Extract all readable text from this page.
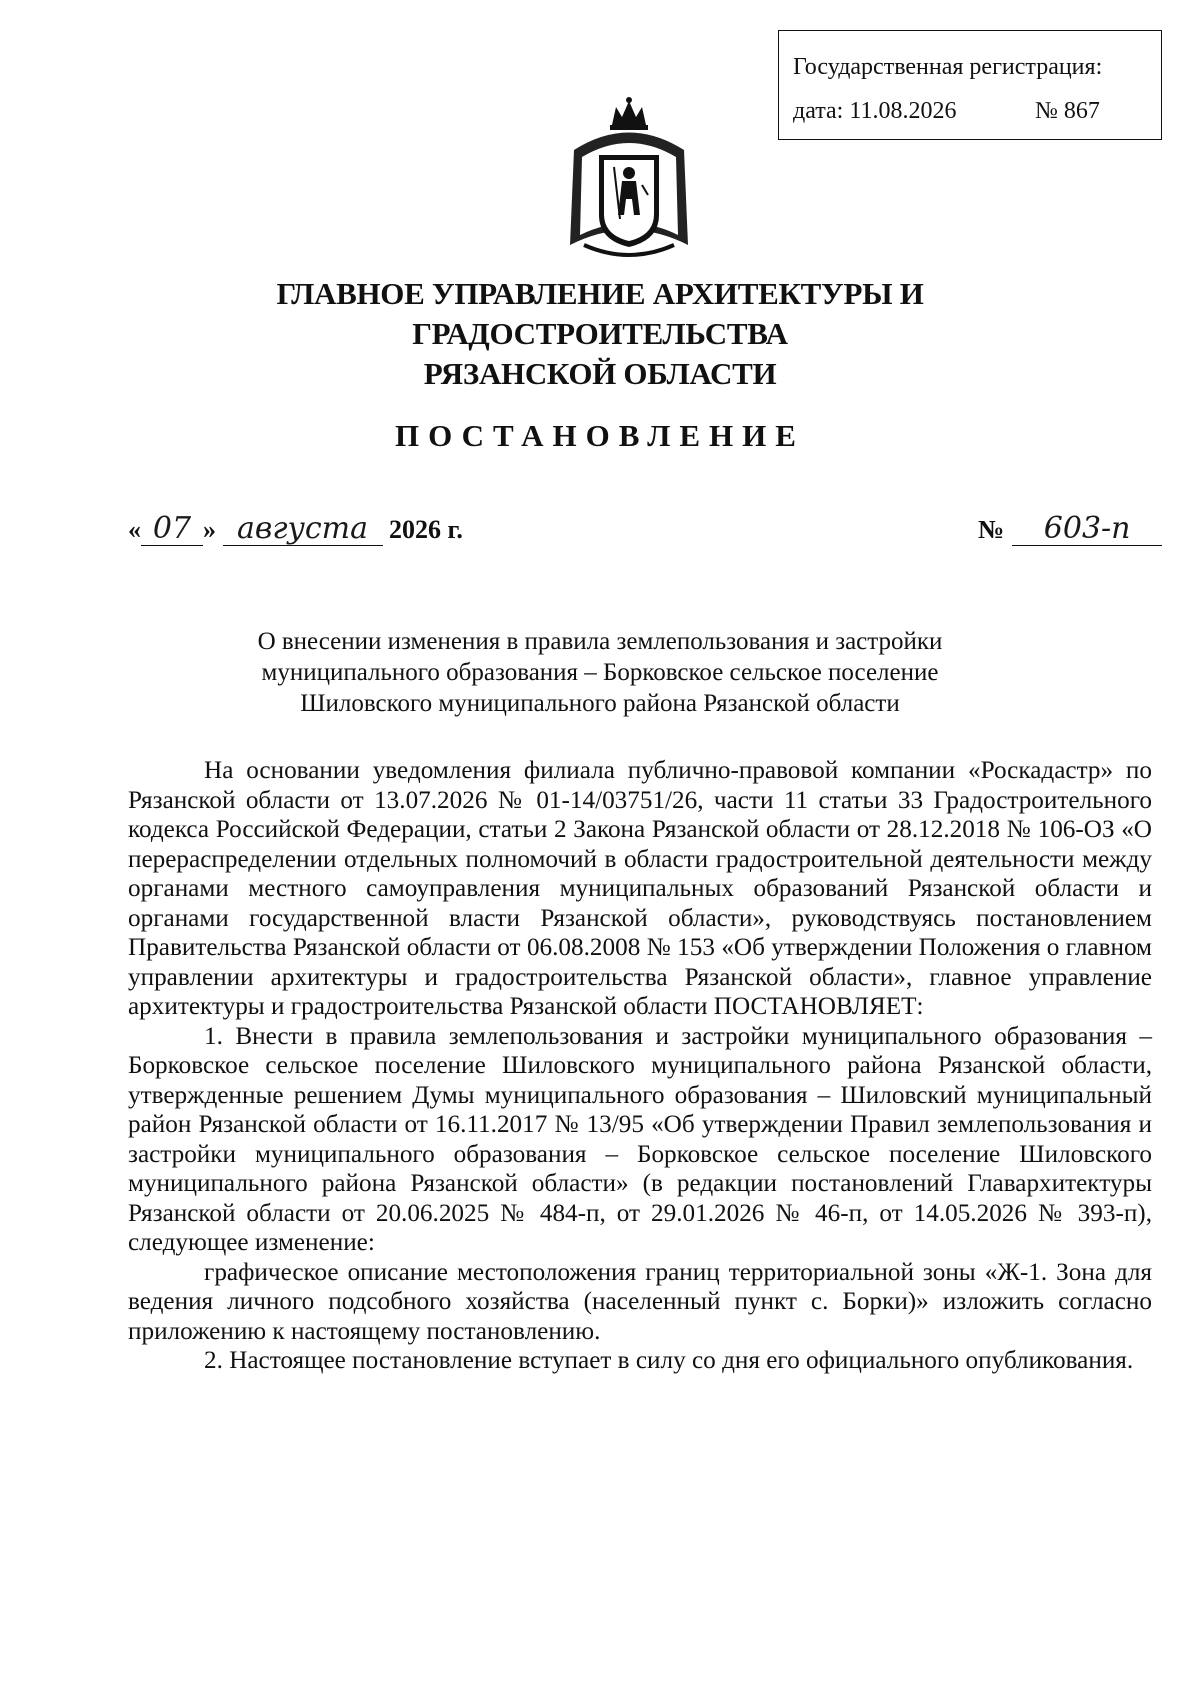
Государственная регистрация:
дата: 11.08.2026	№ 867
ГЛАВНОЕ УПРАВЛЕНИЕ АРХИТЕКТУРЫ И ГРАДОСТРОИТЕЛЬСТВА
РЯЗАНСКОЙ ОБЛАСТИ
ПОСТАНОВЛЕНИЕ
« 07 » августа 2026 г.	№ 603-п
О внесении изменения в правила землепользования и застройки
муниципального образования – Борковское сельское поселение
Шиловского муниципального района Рязанской области

На основании уведомления филиала публично-правовой компании «Роскадастр» по Рязанской области от 13.07.2026 № 01-14/03751/26, части 11 статьи 33 Градостроительного кодекса Российской Федерации, статьи 2 Закона Рязанской области от 28.12.2018 № 106-ОЗ «О перераспределении отдельных полномочий в области градостроительной деятельности между органами местного самоуправления муниципальных образований Рязанской области и органами государственной власти Рязанской области», руководствуясь постановлением Правительства Рязанской области от 06.08.2008 № 153 «Об утверждении Положения о главном управлении архитектуры и градостроительства Рязанской области», главное управление архитектуры и градостроительства Рязанской области ПОСТАНОВЛЯЕТ:

1. Внести в правила землепользования и застройки муниципального образования – Борковское сельское поселение Шиловского муниципального района Рязанской области, утвержденные решением Думы муниципального образования – Шиловский муниципальный район Рязанской области от 16.11.2017 № 13/95 «Об утверждении Правил землепользования и застройки муниципального образования – Борковское сельское поселение Шиловского муниципального района Рязанской области» (в редакции постановлений Главархитектуры Рязанской области от 20.06.2025 № 484-п, от 29.01.2026 № 46-п, от 14.05.2026 № 393-п), следующее изменение:

графическое описание местоположения границ территориальной зоны «Ж-1. Зона для ведения личного подсобного хозяйства (населенный пункт с. Борки)» изложить согласно приложению к настоящему постановлению.

2. Настоящее постановление вступает в силу со дня его официального опубликования.
